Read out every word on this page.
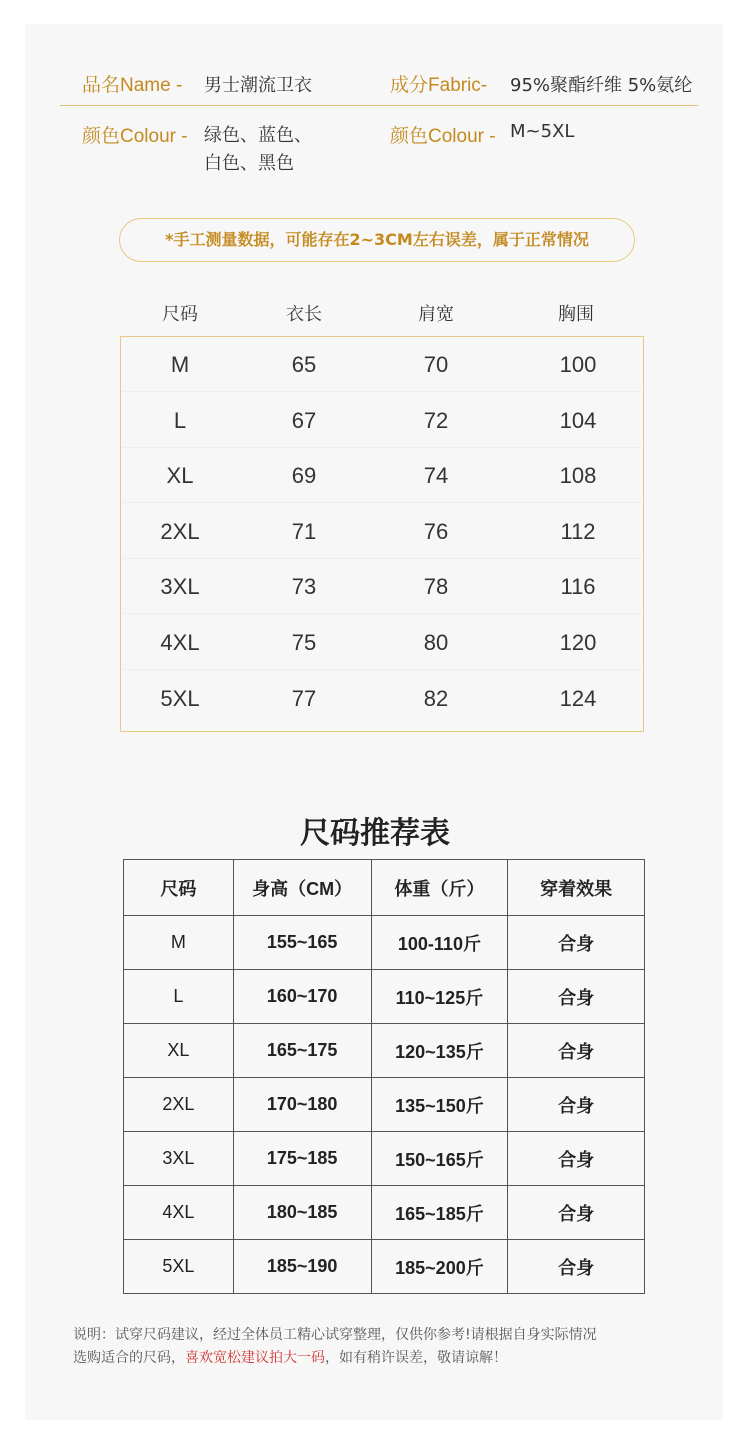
品名Name - 男士潮流卫衣	成分Fabric- 95%聚酯纤维 5%氨纶
颜色Colour - 绿色、蓝色、
白色、黑色
颜色Colour - M~5XL
*手工测量数据，可能存在2~3CM左右误差，属于正常情况
尺码	衣长	肩宽	胸围
M	65	70	100
L	67	72	104
XL	69	74	108
2XL	71	76	112
3XL	73	78	116
4XL	75	80	120
5XL	77	82	124
尺码推荐表
尺码	身高（CM）	体重（斤）	穿着效果
M	155~165	100-110斤	合身
L	160~170	110~125斤	合身
XL	165~175	120~135斤	合身
2XL	170~180	135~150斤	合身
3XL	175~185	150~165斤	合身
4XL	180~185	165~185斤	合身
5XL	185~190	185~200斤	合身
说明：试穿尺码建议，经过全体员工精心试穿整理，仅供你参考!请根据自身实际情况
选购适合的尺码，喜欢宽松建议拍大一码，如有稍许误差，敬请谅解！
